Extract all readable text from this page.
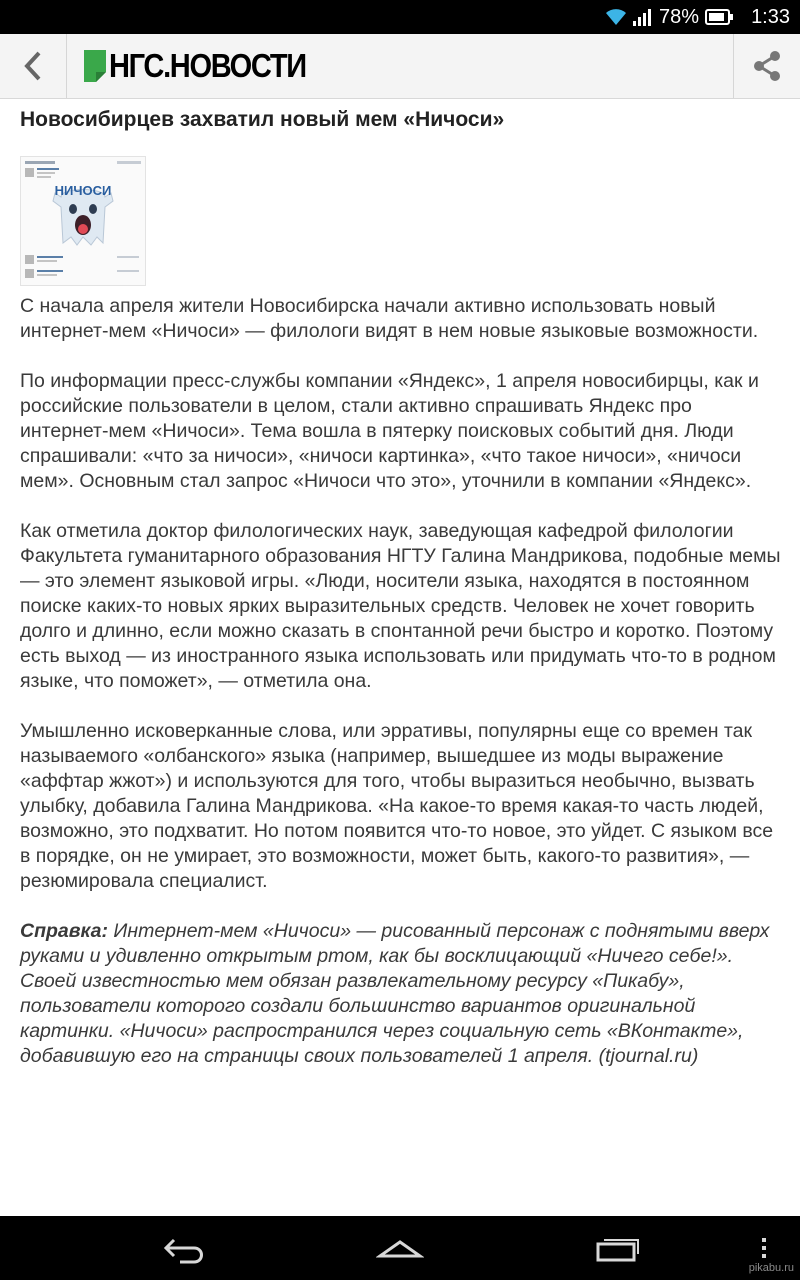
78%	1:33
НГС.НОВОСТИ
Новосибирцев захватил новый мем «Ничоси»
НИЧОСИ

С начала апреля жители Новосибирска начали активно использовать новый интернет-мем «Ничоси» — филологи видят в нем новые языковые возможности.

По информации пресс-службы компании «Яндекс», 1 апреля новосибирцы, как и российские пользователи в целом, стали активно спрашивать Яндекс про интернет-мем «Ничоси». Тема вошла в пятерку поисковых событий дня. Люди спрашивали: «что за ничоси», «ничоси картинка», «что такое ничоси», «ничоси мем». Основным стал запрос «Ничоси что это», уточнили в компании «Яндекс».

Как отметила доктор филологических наук, заведующая кафедрой филологии Факультета гуманитарного образования НГТУ Галина Мандрикова, подобные мемы — это элемент языковой игры. «Люди, носители языка, находятся в постоянном поиске каких-то новых ярких выразительных средств. Человек не хочет говорить долго и длинно, если можно сказать в спонтанной речи быстро и коротко. Поэтому есть выход — из иностранного языка использовать или придумать что-то в родном языке, что поможет», — отметила она.

Умышленно исковерканные слова, или эрративы, популярны еще со времен так называемого «олбанского» языка (например, вышедшее из моды выражение «аффтар жжот») и используются для того, чтобы выразиться необычно, вызвать улыбку, добавила Галина Мандрикова. «На какое-то время какая-то часть людей, возможно, это подхватит. Но потом появится что-то новое, это уйдет. С языком все в порядке, он не умирает, это возможности, может быть, какого-то развития», — резюмировала специалист.

Справка: Интернет-мем «Ничоси» — рисованный персонаж с поднятыми вверх руками и удивленно открытым ртом, как бы восклицающий «Ничего себе!». Своей известностью мем обязан развлекательному ресурсу «Пикабу», пользователи которого создали большинство вариантов оригинальной картинки. «Ничоси» распространился через социальную сеть «ВКонтакте», добавившую его на страницы своих пользователей 1 апреля. (tjournal.ru)

pikabu.ru
